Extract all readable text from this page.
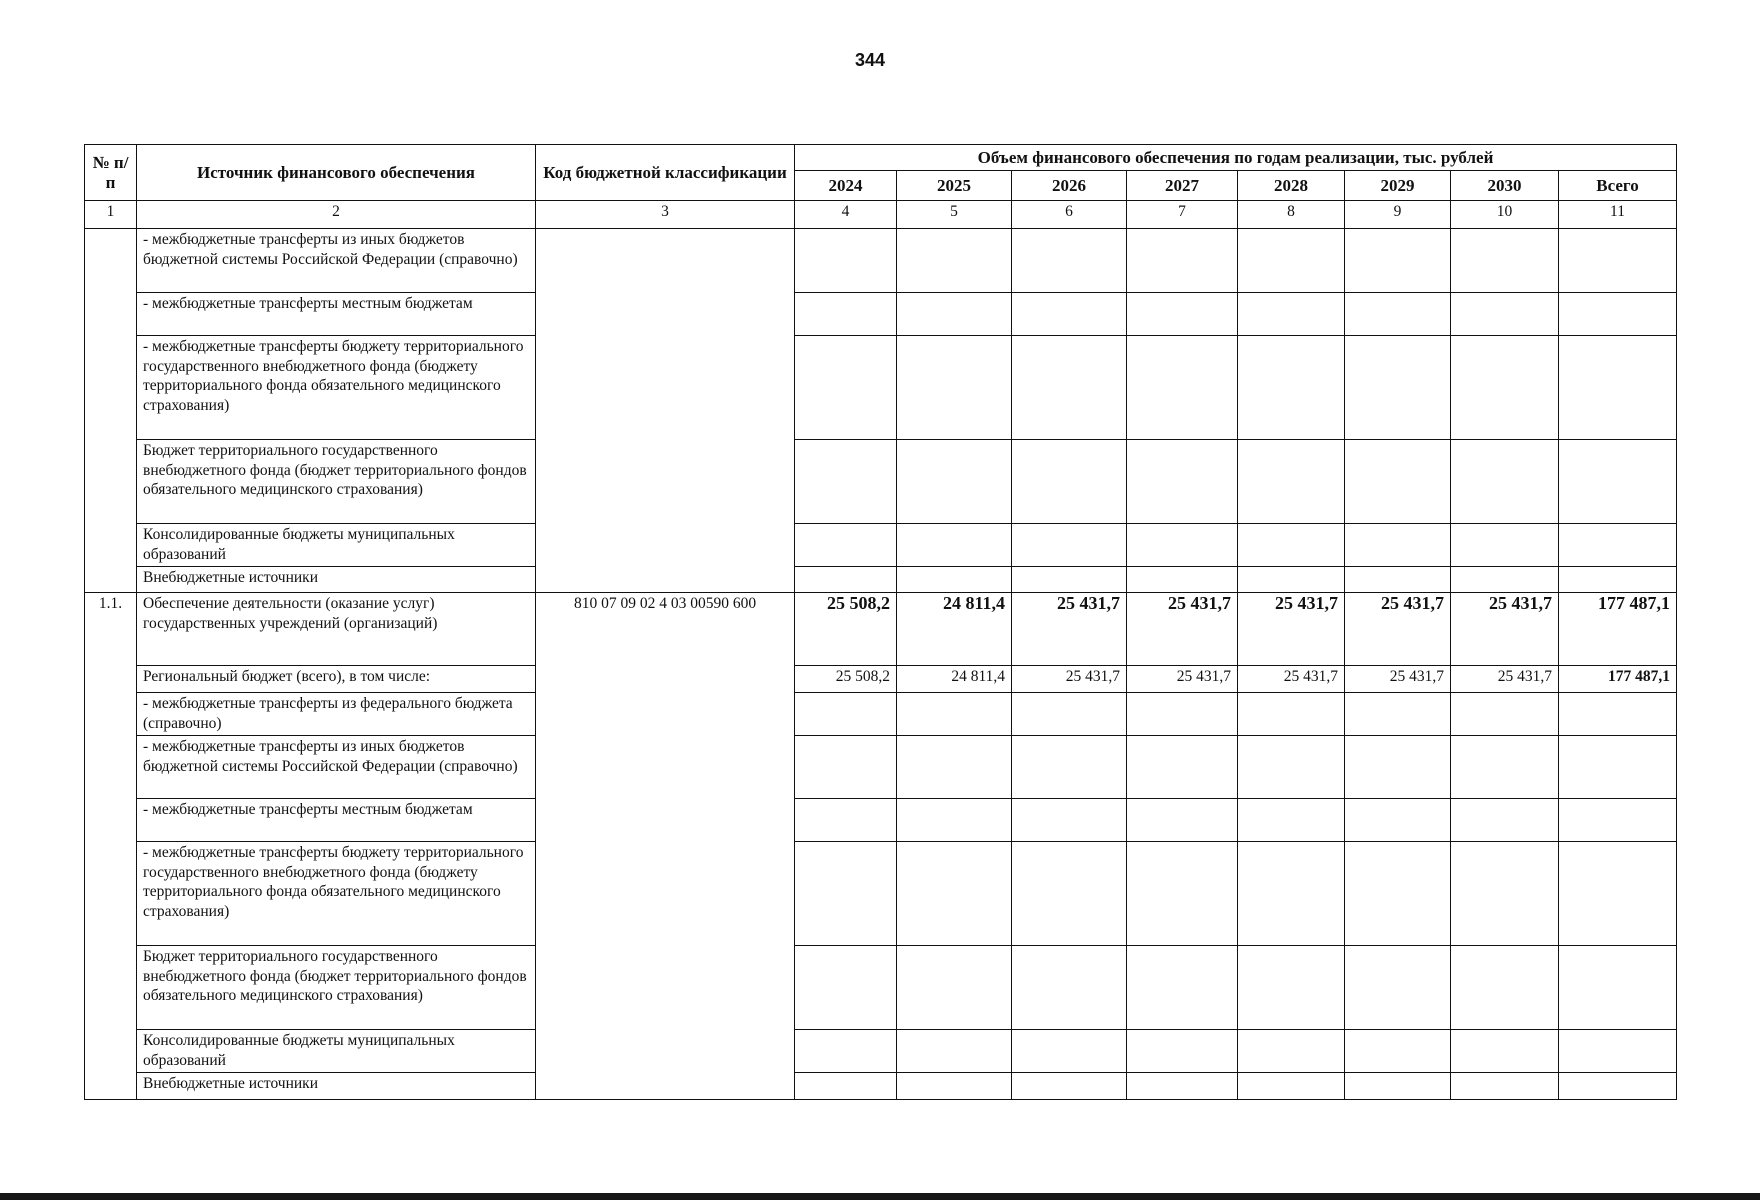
344
№ п/п	Источник финансового обеспечения	Код бюджетной классификации	Объем финансового обеспечения по годам реализации, тыс. рублей							
			2024	2025	2026	2027	2028	2029	2030	Всего
1	2	3	4	5	6	7	8	9	10	11
	- межбюджетные трансферты из иных бюджетов бюджетной системы Российской Федерации (справочно)									
	- межбюджетные трансферты местным бюджетам									
	- межбюджетные трансферты бюджету территориального государственного внебюджетного фонда (бюджету территориального фонда обязательного медицинского страхования)									
	Бюджет территориального государственного внебюджетного фонда (бюджет территориального фондов обязательного медицинского страхования)									
	Консолидированные бюджеты муниципальных образований									
	Внебюджетные источники									
1.1.	Обеспечение деятельности (оказание услуг) государственных учреждений (организаций)	810 07 09 02 4 03 00590 600	25 508,2	24 811,4	25 431,7	25 431,7	25 431,7	25 431,7	25 431,7	177 487,1
	Региональный бюджет (всего), в том числе:		25 508,2	24 811,4	25 431,7	25 431,7	25 431,7	25 431,7	25 431,7	177 487,1
	- межбюджетные трансферты из федерального бюджета (справочно)									
	- межбюджетные трансферты из иных бюджетов бюджетной системы Российской Федерации (справочно)									
	- межбюджетные трансферты местным бюджетам									
	- межбюджетные трансферты бюджету территориального государственного внебюджетного фонда (бюджету территориального фонда обязательного медицинского страхования)									
	Бюджет территориального государственного внебюджетного фонда (бюджет территориального фондов обязательного медицинского страхования)									
	Консолидированные бюджеты муниципальных образований									
	Внебюджетные источники									
